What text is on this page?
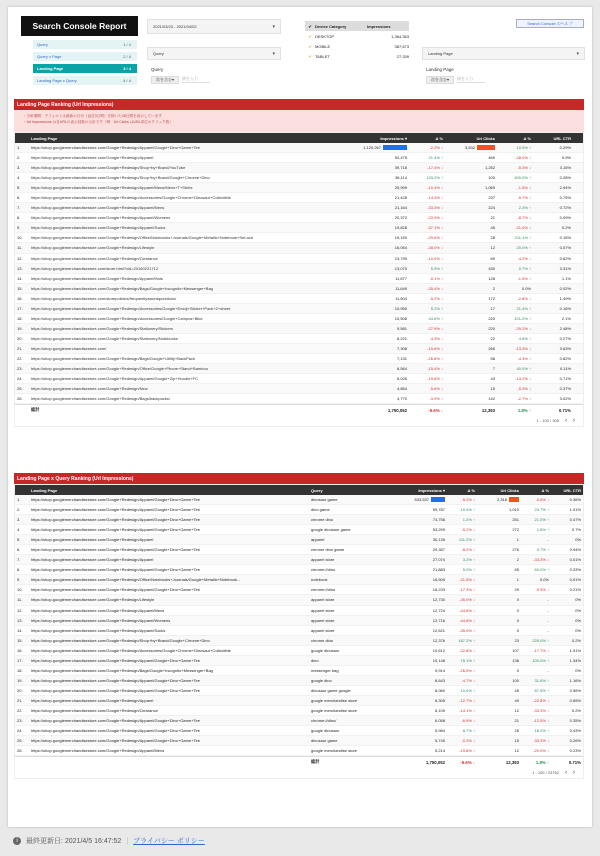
Search Console Report
Query	1 / 4
Query x Page	2 / 4
Landing Page	3 / 4
Landing Page x Query	4 / 4
2021/03/23 - 2021/04/02	▾
Query	▾
Query
次を含む ▾	値を入力
✔ Device Category	Impressions
✔ DESKTOP	1,364,363
✔ MOBILE	387,673
✔ TABLET	27,339
Search Console のヘルプ
Landing Page	▾
Landing Page
次を含む ▾	値を入力
Landing Page Ranking (Url Impressions)
・分析期間：デフォルトは最新の日付（直近3日間）を除いた28日間を表示しています
・Url Impressions は各URLの表示回数の合計です（例：Url Clicks はURL単位のクリック数）
Landing Page	Impressions ▾	Δ %	Url Clicks	Δ %	URL CTR
1.	https://shop.googlemerchandisestore.com/Google+Redesign/Apparel/Google+Dino+Game+Tee	1,120,267	-2.2% ↓	3,532	10.5% ↑	0.29%
2.	https://shop.googlemerchandisestore.com/Google+Redesign/Apparel	52,475	21.4% ↑	469	-28.0% ↓	0.9%
3.	https://shop.googlemerchandisestore.com/Google+Redesign/Shop+by+Brand/YouTube	39,718	-17.4% ↓	1,252	-5.3% ↓	3.15%
4.	https://shop.googlemerchandisestore.com/Google+Redesign/Shop+by+Brand/Google+Chrome+Dino	36,114	133.2% ↑	100	400.0% ↑	0.28%
5.	https://shop.googlemerchandisestore.com/Google+Redesign/Apparel/Mens/Mens+T+Shirts	29,999	-10.4% ↓	1,069	-1.5% ↓	2.94%
6.	https://shop.googlemerchandisestore.com/Google+Redesign/Accessories/Google+Chrome+Dinosaur+Collectible	21,428	-14.3% ↓	237	-5.7% ↓	0.75%
7.	https://shop.googlemerchandisestore.com/Google+Redesign/Apparel/Mens	21,164	-33.3% ↓	224	2.3% ↑	0.72%
8.	https://shop.googlemerchandisestore.com/Google+Redesign/Apparel/Womens	20,372	-23.9% ↓	21	-8.7% ↓	0.09%
9.	https://shop.googlemerchandisestore.com/Google+Redesign/Apparel/Socks	19,828	-37.1% ↓	45	-21.0% ↓	0.2%
10.	https://shop.googlemerchandisestore.com/Google+Redesign/Office/Notebooks+Journals/Google+Metallic+Notebook+Set.axd	19,150	-29.6% ↓	28	211.1% ↑	0.15%
11.	https://shop.googlemerchandisestore.com/Google+Redesign/Lifestyle	16,054	-28.0% ↓	12	20.0% ↑	0.07%
12.	https://shop.googlemerchandisestore.com/Google+Redesign/Clearance	13,799	-10.0% ↓	69	-4.2% ↓	0.62%
13.	https://shop.googlemerchandisestore.com/store.html?vid=20160221712	13,070	5.9% ↑	430	0.7% ↑	3.31%
14.	https://shop.googlemerchandisestore.com/Google+Redesign/Apparel/Hats	11,877	-5.1% ↓	128	-1.5% ↓	1.1%
15.	https://shop.googlemerchandisestore.com/Google+Redesign/Bags/Google+Incognito+Messenger+Bag	11,649	-25.4% ↓	2	0.0%	0.02%
16.	https://shop.googlemerchandisestore.com/storepolicies/frequentlyaskedquestions/	11,604	-5.2% ↓	172	-2.8% ↓	1.49%
17.	https://shop.googlemerchandisestore.com/Google+Redesign/Accessories/Google+Emoji+Sticker+Pack+2+sheet	10,950	5.2% ↑	17	21.4% ↑	0.16%
18.	https://shop.googlemerchandisestore.com/Google+Redesign/Accessories/Google+Campus+Bike	10,508	44.6% ↑	220	101.2% ↑	2.1%
19.	https://shop.googlemerchandisestore.com/Google+Redesign/Stationery/Stickers	9,581	-27.9% ↓	220	-29.2% ↓	2.48%
20.	https://shop.googlemerchandisestore.com/Google+Redesign/Stationery/Notebooks	8,221	-4.3% ↓	22	4.8% ↑	0.27%
21.	https://shop.googlemerchandisestore.com/	7,308	-15.6% ↓	265	-13.3% ↓	3.63%
22.	https://shop.googlemerchandisestore.com/Google+Redesign/Bags/Google+Utility+BackPack	7,131	-26.8% ↓	58	-4.3% ↓	0.82%
23.	https://shop.googlemerchandisestore.com/Google+Redesign/Office/Google+Phone+Stand+Bamboo	6,564	-15.4% ↓	7	40.0% ↑	0.11%
24.	https://shop.googlemerchandisestore.com/Google+Redesign/Apparel/Google+Zip+Hoodie+FC	6,026	-19.8% ↓	43	-13.2% ↓	0.71%
25.	https://shop.googlemerchandisestore.com/Google+Redesign/New	4,854	-5.6% ↓	15	-5.3% ↓	0.37%
26.	https://shop.googlemerchandisestore.com/Google+Redesign/Bags/backpacks/	4,770	-3.9% ↓	142	-2.7% ↓	3.02%
総計	1,750,052	-5.6% ↓	12,393	1.8% ↑	0.71%
1 - 100 / 305 ‹ ›
Landing Page x Query Ranking (Url Impressions)
Landing Page	Query	Impressions ▾	Δ %	Url Clicks	Δ %	URL CTR
1.	https://shop.googlemerchandisestore.com/Google+Redesign/Apparel/Google+Dino+Game+Tee	dinosaur game	533,537	-5.2% ↓	2,316	-0.6% ↓	0.36%
2.	https://shop.googlemerchandisestore.com/Google+Redesign/Apparel/Google+Dino+Game+Tee	dino game	99,787	15.4% ↑	1,010	24.7% ↑	1.01%
3.	https://shop.googlemerchandisestore.com/Google+Redesign/Apparel/Google+Dino+Game+Tee	chrome dino	74,756	1.2% ↑	251	21.0% ↑	0.47%
4.	https://shop.googlemerchandisestore.com/Google+Redesign/Apparel/Google+Dino+Game+Tee	google dinosaur game	53,299	-5.2% ↓	272	1.6% ↑	0.7%
5.	https://shop.googlemerchandisestore.com/Google+Redesign/Apparel	apparel	30,135	111.2% ↑	1	-	0%
6.	https://shop.googlemerchandisestore.com/Google+Redesign/Apparel/Google+Dino+Game+Tee	chrome dino game	29,357	-8.2% ↓	276	0.7% ↑	0.94%
7.	https://shop.googlemerchandisestore.com/Google+Redesign/Apparel	apparel store	27,074	3.2% ↑	2	-33.3% ↓	0.01%
8.	https://shop.googlemerchandisestore.com/Google+Redesign/Apparel/Google+Dino+Game+Tee	chrome://dino	21,883	5.0% ↑	65	60.0% ↑	0.33%
9.	https://shop.googlemerchandisestore.com/Google+Redesign/Office/Notebooks+Journals/Google+Metallic+Notebook...	notebook	16,509	-21.5% ↓	1	0.0%	0.01%
10.	https://shop.googlemerchandisestore.com/Google+Redesign/Apparel/Google+Dino+Game+Tee	chrome://dino	16,233	-17.3% ↓	29	-9.3% ↓	0.21%
11.	https://shop.googlemerchandisestore.com/Google+Redesign/Lifestyle	apparel store	12,730	-26.0% ↓	0	-	0%
12.	https://shop.googlemerchandisestore.com/Google+Redesign/Apparel/Mens	apparel store	12,724	-44.8% ↓	0	-	0%
13.	https://shop.googlemerchandisestore.com/Google+Redesign/Apparel/Womens	apparel store	12,716	-44.8% ↓	0	-	0%
14.	https://shop.googlemerchandisestore.com/Google+Redesign/Apparel/Socks	apparel store	12,621	-35.0% ↓	0	-	0%
15.	https://shop.googlemerchandisestore.com/Google+Redesign/Shop+by+Brand/Google+Chrome+Dino	chrome dino	12,376	187.2% ↑	23	225.0% ↑	0.2%
16.	https://shop.googlemerchandisestore.com/Google+Redesign/Accessories/Google+Chrome+Dinosaur+Collectible	google dinosaur	10,612	-22.8% ↓	107	-17.7% ↓	1.01%
17.	https://shop.googlemerchandisestore.com/Google+Redesign/Apparel/Google+Dino+Game+Tee	dino	10,146	78.1% ↑	136	100.0% ↑	1.34%
18.	https://shop.googlemerchandisestore.com/Google+Redesign/Bags/Google+Incognito+Messenger+Bag	messenger bag	9,914	-26.5% ↓	0	-	0%
19.	https://shop.googlemerchandisestore.com/Google+Redesign/Apparel/Google+Dino+Game+Tee	google dino	8,643	-4.7% ↓	100	31.6% ↑	1.16%
20.	https://shop.googlemerchandisestore.com/Google+Redesign/Apparel/Google+Dino+Game+Tee	dinosaur game google	8,060	10.0% ↑	45	87.5% ↑	0.56%
21.	https://shop.googlemerchandisestore.com/Google+Redesign/Apparel	google merchandise store	6,305	-12.7% ↓	49	-22.8% ↓	0.85%
22.	https://shop.googlemerchandisestore.com/Google+Redesign/Clearance	google merchandise store	6,109	-14.1% ↓	12	-33.3% ↓	0.2%
23.	https://shop.googlemerchandisestore.com/Google+Redesign/Apparel/Google+Dino+Game+Tee	chrome://dino/	6,058	-6.9% ↓	21	-12.5% ↓	0.35%
24.	https://shop.googlemerchandisestore.com/Google+Redesign/Apparel/Google+Dino+Game+Tee	google dinosaur	5,984	8.7% ↑	26	18.2% ↑	0.43%
25.	https://shop.googlemerchandisestore.com/Google+Redesign/Apparel/Google+Dino+Game+Tee	dinosaur game	5,745	-0.3% ↓	15	-33.3% ↓	0.26%
26.	https://shop.googlemerchandisestore.com/Google+Redesign/Apparel/Mens	google merchandise store	5,214	-19.8% ↓	12	-20.0% ↓	0.23%
総計	1,750,052	-5.6% ↓	12,393	1.8% ↑	0.71%
1 - 100 / 23762 ‹ ›
i	最終更新日: 2021/4/5 16:47:52 | プライバシー ポリシー
